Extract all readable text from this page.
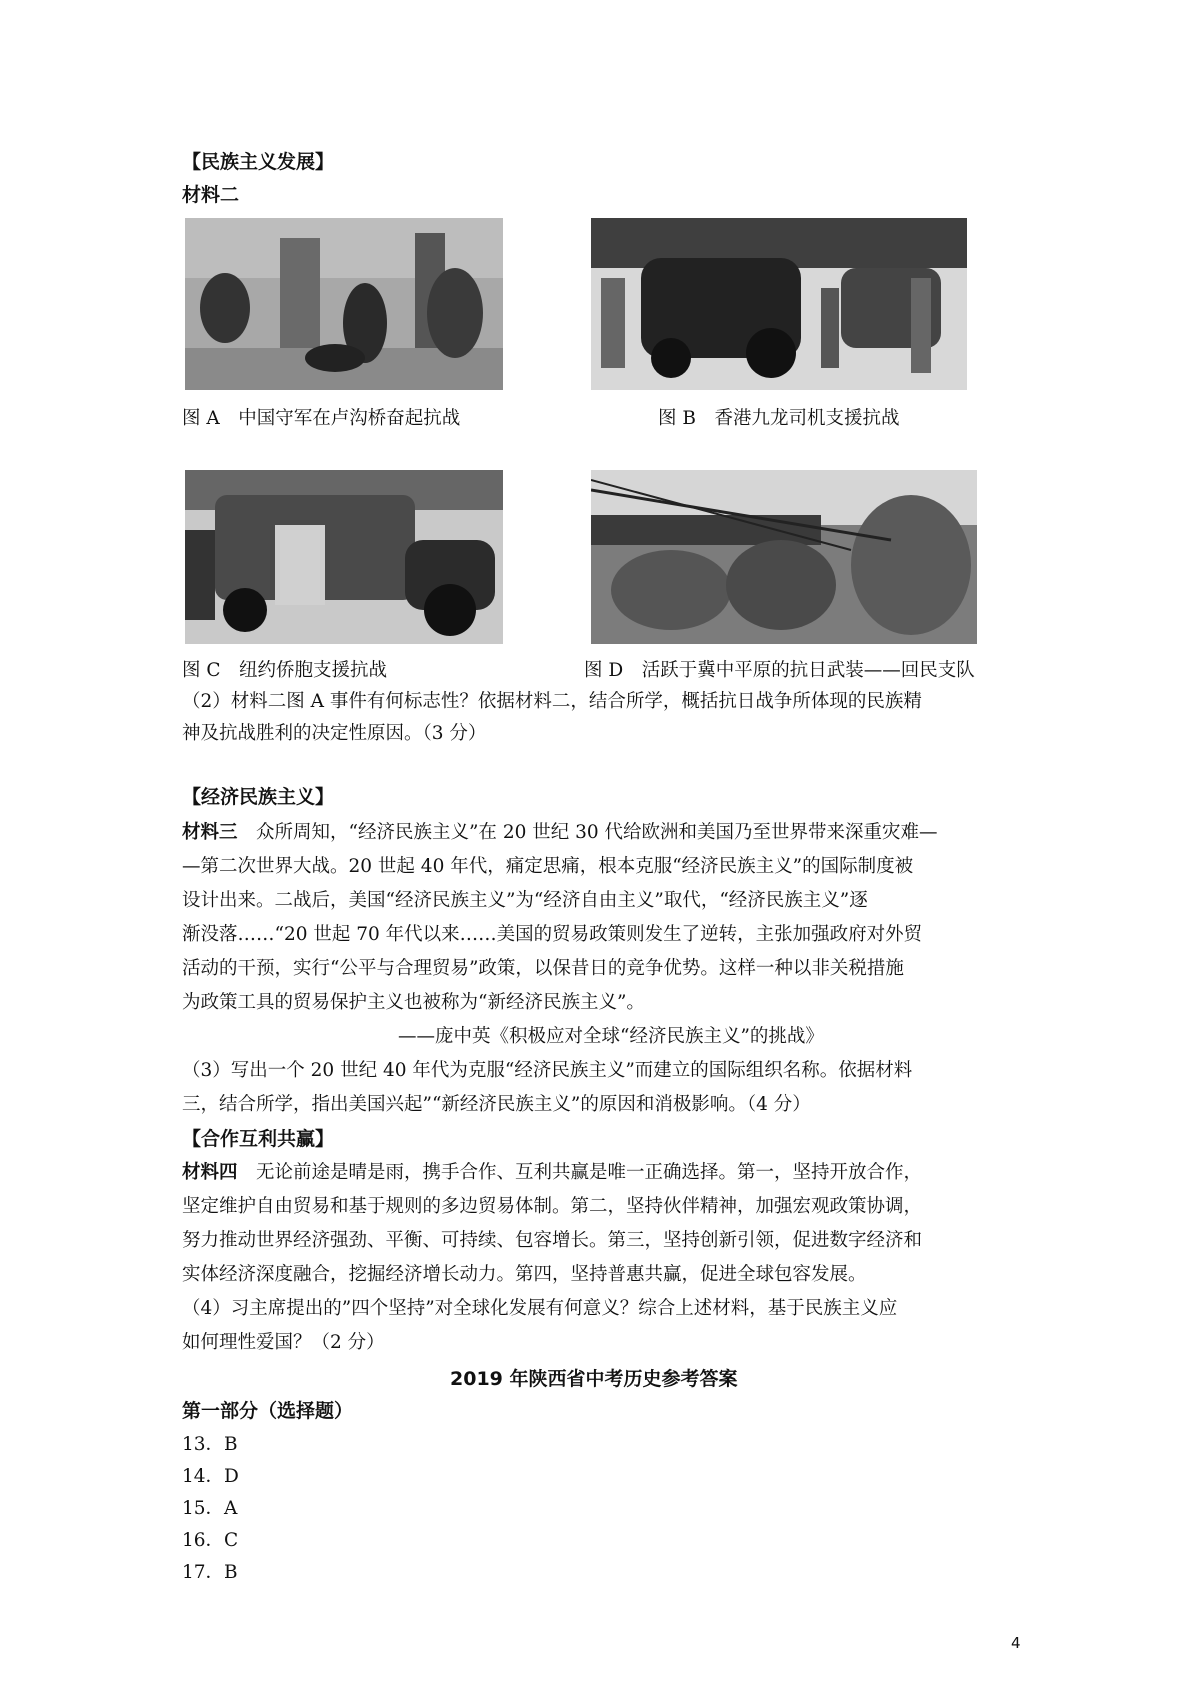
【民族主义发展】
材料二
图 A　中国守军在卢沟桥奋起抗战	图 B　香港九龙司机支援抗战
图 C　纽约侨胞支援抗战	图 D　活跃于冀中平原的抗日武装——回民支队
（2）材料二图 A 事件有何标志性？依据材料二，结合所学，概括抗日战争所体现的民族精
神及抗战胜利的决定性原因。（3 分）
【经济民族主义】
材料三　众所周知，“经济民族主义”在 20 世纪 30 代给欧洲和美国乃至世界带来深重灾难—
—第二次世界大战。20 世起 40 年代，痛定思痛，根本克服“经济民族主义”的国际制度被
设计出来。二战后，美国“经济民族主义”为“经济自由主义”取代，“经济民族主义”逐
渐没落……“20 世起 70 年代以来……美国的贸易政策则发生了逆转，主张加强政府对外贸
活动的干预，实行“公平与合理贸易”政策，以保昔日的竞争优势。这样一种以非关税措施
为政策工具的贸易保护主义也被称为“新经济民族主义”。
——庞中英《积极应对全球“经济民族主义”的挑战》
（3）写出一个 20 世纪 40 年代为克服“经济民族主义”而建立的国际组织名称。依据材料
三，结合所学，指出美国兴起”“新经济民族主义”的原因和消极影响。（4 分）
【合作互利共赢】
材料四　无论前途是晴是雨，携手合作、互利共赢是唯一正确选择。第一，坚持开放合作，
坚定维护自由贸易和基于规则的多边贸易体制。第二，坚持伙伴精神，加强宏观政策协调，
努力推动世界经济强劲、平衡、可持续、包容增长。第三，坚持创新引领，促进数字经济和
实体经济深度融合，挖掘经济增长动力。第四，坚持普惠共赢，促进全球包容发展。
（4）习主席提出的”四个坚持”对全球化发展有何意义？综合上述材料，基于民族主义应
如何理性爱国？（2 分）
2019 年陕西省中考历史参考答案
第一部分（选择题）
13．B
14．D
15．A
16．C
17．B
4
